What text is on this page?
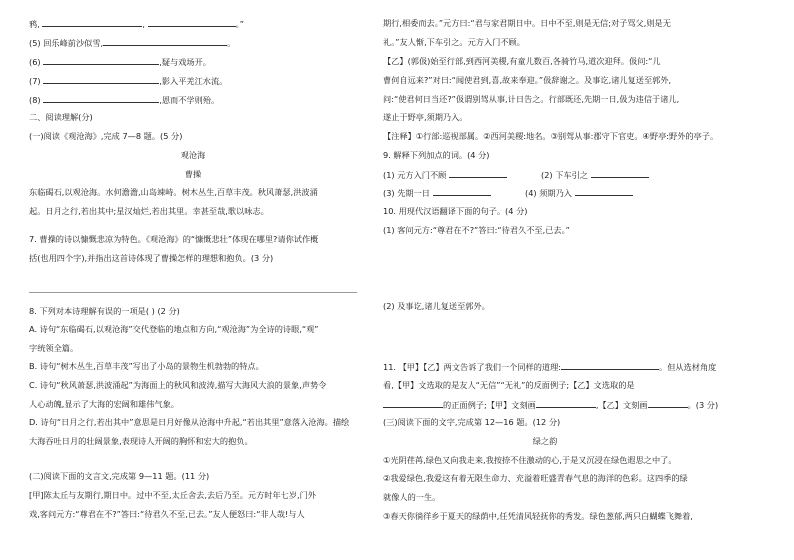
鸦,	,	。”
(5) 回乐峰前沙似雪,	。
(6)	,疑与戏场开。
(7)	,影入平羌江水流。
(8)	,恩而不学则殆。
二、阅读理解(分)
(一)阅读《观沧海》,完成 7—8 题。(5 分)
观沧海
曹操
东临碣石,以观沧海。水何澹澹,山岛竦峙。树木丛生,百草丰茂。秋风萧瑟,洪波涌
起。日月之行,若出其中;星汉灿烂,若出其里。幸甚至哉,歌以咏志。
7. 曹操的诗以慷慨悲凉为特色。《观沧海》的“慷慨悲壮”体现在哪里?请你试作概
括(也用四个字),并指出这首诗体现了曹操怎样的理想和抱负。(3 分)
8. 下列对本诗理解有误的一项是( ) (2 分)
A. 诗句“东临碣石,以观沧海”交代登临的地点和方向,“观沧海”为全诗的诗眼,“观”
字统领全篇。
B. 诗句“树木丛生,百草丰茂”写出了小岛的景物生机勃勃的特点。
C. 诗句“秋风萧瑟,洪波涌起”为海面上的秋风和波涛,描写大海风大浪的景象,声势令
人心动魄,显示了大海的宏阔和雄伟气象。
D. 诗句“日月之行,若出其中”意思是日月好像从沧海中升起,“若出其里”意落入沧海。描绘
大海吞吐日月的壮阔景象,表现诗人开阔的胸怀和宏大的抱负。
(二)阅读下面的文言文,完成第 9—11 题。(11 分)
[甲]陈太丘与友期行,期日中。过中不至,太丘舍去,去后乃至。元方时年七岁,门外
戏,客问元方:“尊君在不?”答曰:“待君久不至,已去。”友人便怒曰:“非人哉!与人
期行,相委而去。”元方曰:“君与家君期日中。日中不至,则是无信;对子骂父,则是无
礼。”友人惭,下车引之。元方入门不顾。
【乙】(郭伋)始至行部,到西河美稷,有童儿数百,各骑竹马,道次迎拜。伋问:“儿
曹何自远来?”对曰:“闻使君到,喜,故来奉迎。”伋辞谢之。及事讫,诸儿复送至郭外,
问:“使君何日当还?”伋谓别驾从事,计日告之。行部既还,先期一日,伋为违信于诸儿,
遂止于野亭,须期乃入。
【注释】①行部:巡视部属。②西河美稷:地名。③别驾从事:郡守下官吏。④野亭:野外的亭子。
9. 解释下列加点的词。(4 分)
(1) 元方入门不顾	(2) 下车引之
(3) 先期一日	(4) 须期乃入
10. 用现代汉语翻译下面的句子。(4 分)
(1) 客问元方:“尊君在不?”答曰:“待君久不至,已去。”
(2) 及事讫,诸儿复送至郭外。
11. 【甲】【乙】两文告诉了我们一个同样的道理:	。但从选材角度
看,【甲】文选取的是友人“无信”“无礼”的反面例子;【乙】文选取的是
的正面例子;【甲】文刻画	,【乙】文刻画	。(3 分)
(三)阅读下面的文字,完成第 12—16 题。(12 分)
绿之韵
①光阴荏苒,绿色又向我走来,我按捺不住激动的心,于是又沉浸在绿色遐思之中了。
②我爱绿色,我爱这有着无限生命力、充溢着旺盛青春气息的海洋的色彩。这四季的绿
就像人的一生。
③春天你徜徉乡于夏天的绿荫中,任凭清风轻抚你的秀发。绿色葱郁,两只白蝴蝶飞舞着,
